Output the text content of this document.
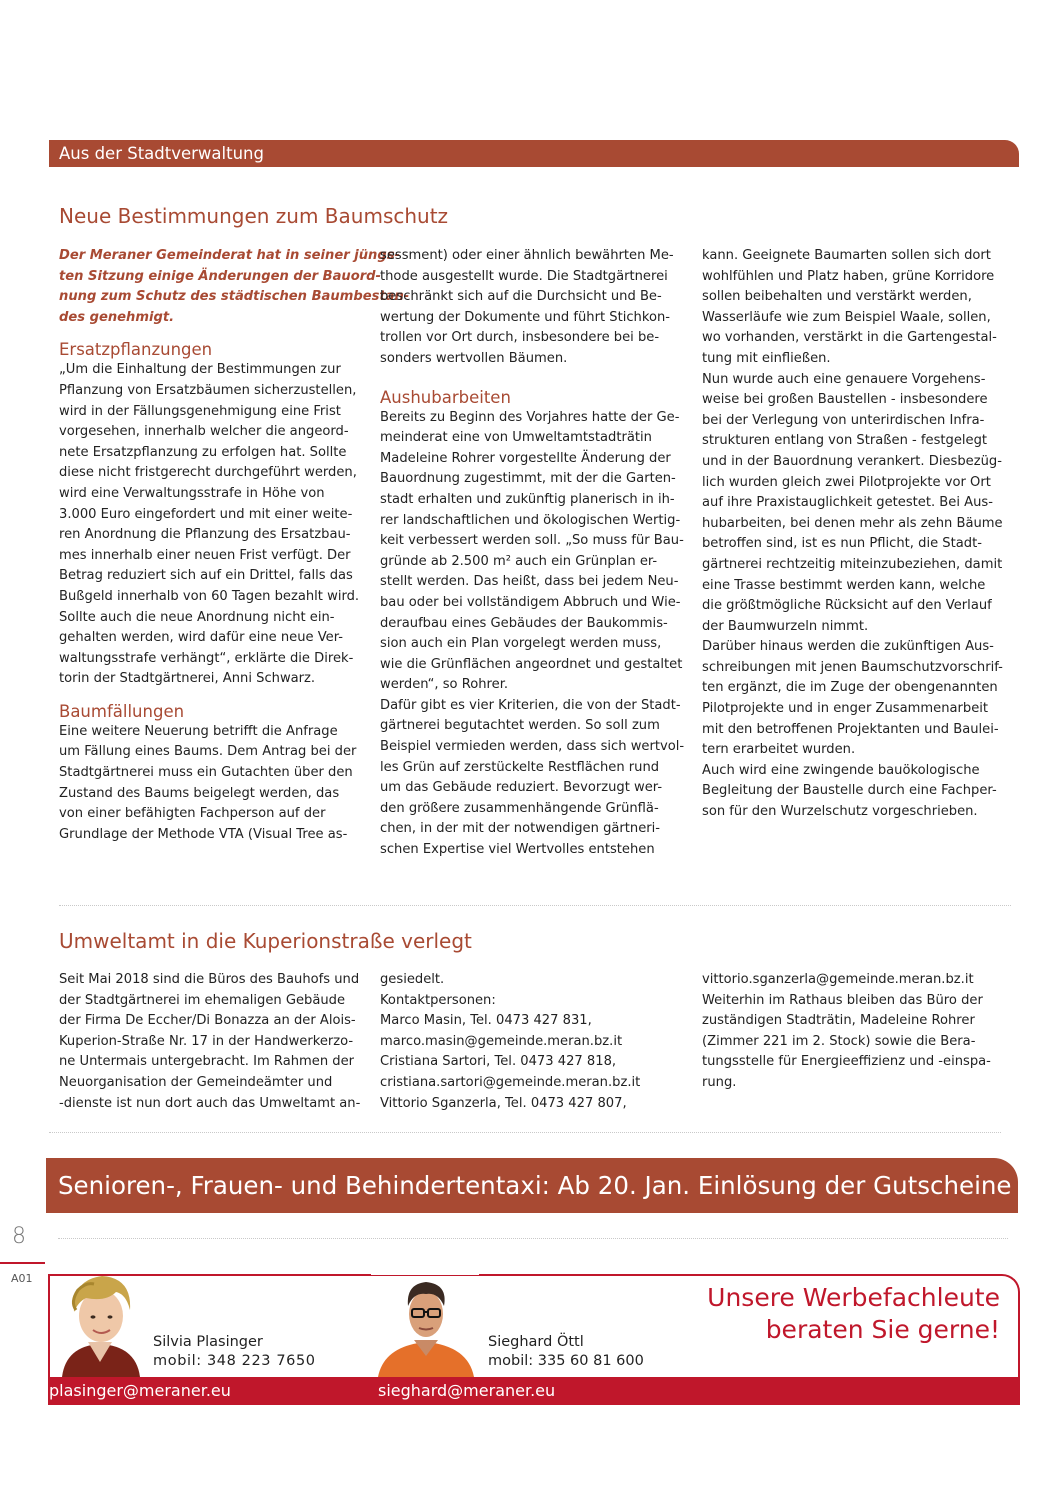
Aus der Stadtverwaltung
Neue Bestimmungen zum Baumschutz
Der Meraner Gemeinderat hat in seiner jüngs-
ten Sitzung einige Änderungen der Bauord-
nung zum Schutz des städtischen Baumbestan-
des genehmigt.
Ersatzpflanzungen
„Um die Einhaltung der Bestimmungen zur
Pflanzung von Ersatzbäumen sicherzustellen,
wird in der Fällungsgenehmigung eine Frist
vorgesehen, innerhalb welcher die angeord-
nete Ersatzpflanzung zu erfolgen hat. Sollte
diese nicht fristgerecht durchgeführt werden,
wird eine Verwaltungsstrafe in Höhe von
3.000 Euro eingefordert und mit einer weite-
ren Anordnung die Pflanzung des Ersatzbau-
mes innerhalb einer neuen Frist verfügt. Der
Betrag reduziert sich auf ein Drittel, falls das
Bußgeld innerhalb von 60 Tagen bezahlt wird.
Sollte auch die neue Anordnung nicht ein-
gehalten werden, wird dafür eine neue Ver-
waltungsstrafe verhängt“, erklärte die Direk-
torin der Stadtgärtnerei, Anni Schwarz.
Baumfällungen
Eine weitere Neuerung betrifft die Anfrage
um Fällung eines Baums. Dem Antrag bei der
Stadtgärtnerei muss ein Gutachten über den
Zustand des Baums beigelegt werden, das
von einer befähigten Fachperson auf der
Grundlage der Methode VTA (Visual Tree as-
sessment) oder einer ähnlich bewährten Me-
thode ausgestellt wurde. Die Stadtgärtnerei
beschränkt sich auf die Durchsicht und Be-
wertung der Dokumente und führt Stichkon-
trollen vor Ort durch, insbesondere bei be-
sonders wertvollen Bäumen.
Aushubarbeiten
Bereits zu Beginn des Vorjahres hatte der Ge-
meinderat eine von Umweltamtstadträtin
Madeleine Rohrer vorgestellte Änderung der
Bauordnung zugestimmt, mit der die Garten-
stadt erhalten und zukünftig planerisch in ih-
rer landschaftlichen und ökologischen Wertig-
keit verbessert werden soll. „So muss für Bau-
gründe ab 2.500 m² auch ein Grünplan er-
stellt werden. Das heißt, dass bei jedem Neu-
bau oder bei vollständigem Abbruch und Wie-
deraufbau eines Gebäudes der Baukommis-
sion auch ein Plan vorgelegt werden muss,
wie die Grünflächen angeordnet und gestaltet
werden“, so Rohrer.
Dafür gibt es vier Kriterien, die von der Stadt-
gärtnerei begutachtet werden. So soll zum
Beispiel vermieden werden, dass sich wertvol-
les Grün auf zerstückelte Restflächen rund
um das Gebäude reduziert. Bevorzugt wer-
den größere zusammenhängende Grünflä-
chen, in der mit der notwendigen gärtneri-
schen Expertise viel Wertvolles entstehen
kann. Geeignete Baumarten sollen sich dort
wohlfühlen und Platz haben, grüne Korridore
sollen beibehalten und verstärkt werden,
Wasserläufe wie zum Beispiel Waale, sollen,
wo vorhanden, verstärkt in die Gartengestal-
tung mit einfließen.
Nun wurde auch eine genauere Vorgehens-
weise bei großen Baustellen - insbesondere
bei der Verlegung von unterirdischen Infra-
strukturen entlang von Straßen - festgelegt
und in der Bauordnung verankert. Diesbezüg-
lich wurden gleich zwei Pilotprojekte vor Ort
auf ihre Praxistauglichkeit getestet. Bei Aus-
hubarbeiten, bei denen mehr als zehn Bäume
betroffen sind, ist es nun Pflicht, die Stadt-
gärtnerei rechtzeitig miteinzubeziehen, damit
eine Trasse bestimmt werden kann, welche
die größtmögliche Rücksicht auf den Verlauf
der Baumwurzeln nimmt.
Darüber hinaus werden die zukünftigen Aus-
schreibungen mit jenen Baumschutzvorschrif-
ten ergänzt, die im Zuge der obengenannten
Pilotprojekte und in enger Zusammenarbeit
mit den betroffenen Projektanten und Baulei-
tern erarbeitet wurden.
Auch wird eine zwingende bauökologische
Begleitung der Baustelle durch eine Fachper-
son für den Wurzelschutz vorgeschrieben.
Umweltamt in die Kuperionstraße verlegt
Seit Mai 2018 sind die Büros des Bauhofs und
der Stadtgärtnerei im ehemaligen Gebäude
der Firma De Eccher/Di Bonazza an der Alois-
Kuperion-Straße Nr. 17 in der Handwerkerzo-
ne Untermais untergebracht. Im Rahmen der
Neuorganisation der Gemeindeämter und
-dienste ist nun dort auch das Umweltamt an-
gesiedelt.
Kontaktpersonen:
Marco Masin, Tel. 0473 427 831,
marco.masin@gemeinde.meran.bz.it
Cristiana Sartori, Tel. 0473 427 818,
cristiana.sartori@gemeinde.meran.bz.it
Vittorio Sganzerla, Tel. 0473 427 807,
vittorio.sganzerla@gemeinde.meran.bz.it
Weiterhin im Rathaus bleiben das Büro der
zuständigen Stadträtin, Madeleine Rohrer
(Zimmer 221 im 2. Stock) sowie die Bera-
tungsstelle für Energieeffizienz und -einspa-
rung.
Senioren-, Frauen- und Behindertentaxi: Ab 20. Jan. Einlösung der Gutscheine
8
A01
Silvia Plasinger
mobil: 348 223 7650
Sieghard Öttl
mobil: 335 60 81 600
Unsere Werbefachleute
beraten Sie gerne!
plasinger@meraner.eu	sieghard@meraner.eu
